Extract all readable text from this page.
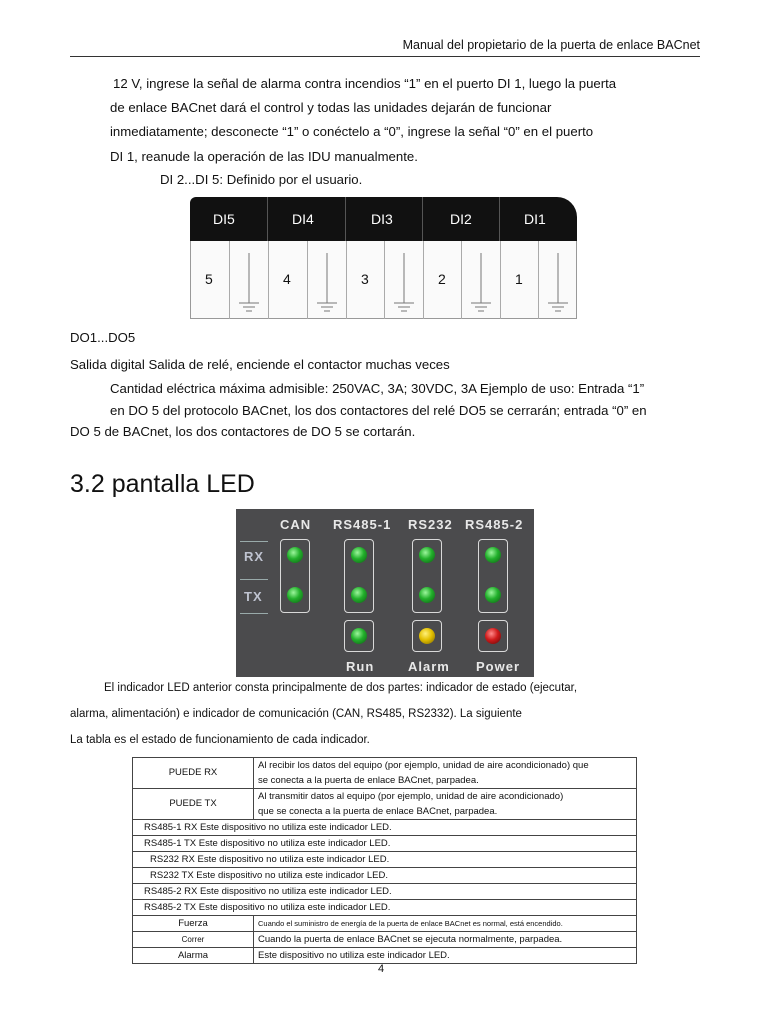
Manual del propietario de la puerta de enlace BACnet
12 V, ingrese la señal de alarma contra incendios “1” en el puerto DI 1, luego la puerta
de enlace BACnet dará el control y todas las unidades dejarán de funcionar
inmediatamente; desconecte “1” o conéctelo a “0”, ingrese la señal “0” en el puerto
DI 1, reanude la operación de las IDU manualmente.
DI 2...DI 5: Definido por el usuario.
DI5	DI4	DI3	DI2	DI1
5	4	3	2	1
DO1...DO5
Salida digital Salida de relé, enciende el contactor muchas veces
Cantidad eléctrica máxima admisible: 250VAC, 3A; 30VDC, 3A Ejemplo de uso: Entrada “1”
en DO 5 del protocolo BACnet, los dos contactores del relé DO5 se cerrarán; entrada “0” en
DO 5 de BACnet, los dos contactores de DO 5 se cortarán.
3.2 pantalla LED
CAN RS485-1 RS232 RS485-2
RX
TX
Run	Alarm Power
El indicador LED anterior consta principalmente de dos partes: indicador de estado (ejecutar,
alarma, alimentación) e indicador de comunicación (CAN, RS485, RS2332). La siguiente
La tabla es el estado de funcionamiento de cada indicador.
PUEDE RX	Al recibir los datos del equipo (por ejemplo, unidad de aire acondicionado) que
se conecta a la puerta de enlace BACnet, parpadea.

PUEDE TX	Al transmitir datos al equipo (por ejemplo, unidad de aire acondicionado)
que se conecta a la puerta de enlace BACnet, parpadea.

RS485-1 RX Este dispositivo no utiliza este indicador LED.	
RS485-1 TX Este dispositivo no utiliza este indicador LED.	
RS232 RX Este dispositivo no utiliza este indicador LED.	
RS232 TX Este dispositivo no utiliza este indicador LED.	
RS485-2 RX Este dispositivo no utiliza este indicador LED.	
RS485-2 TX Este dispositivo no utiliza este indicador LED.	
Fuerza	Cuando el suministro de energía de la puerta de enlace BACnet es normal, está encendido.

Correr	Cuando la puerta de enlace BACnet se ejecuta normalmente, parpadea.

Alarma	Este dispositivo no utiliza este indicador LED.
4
